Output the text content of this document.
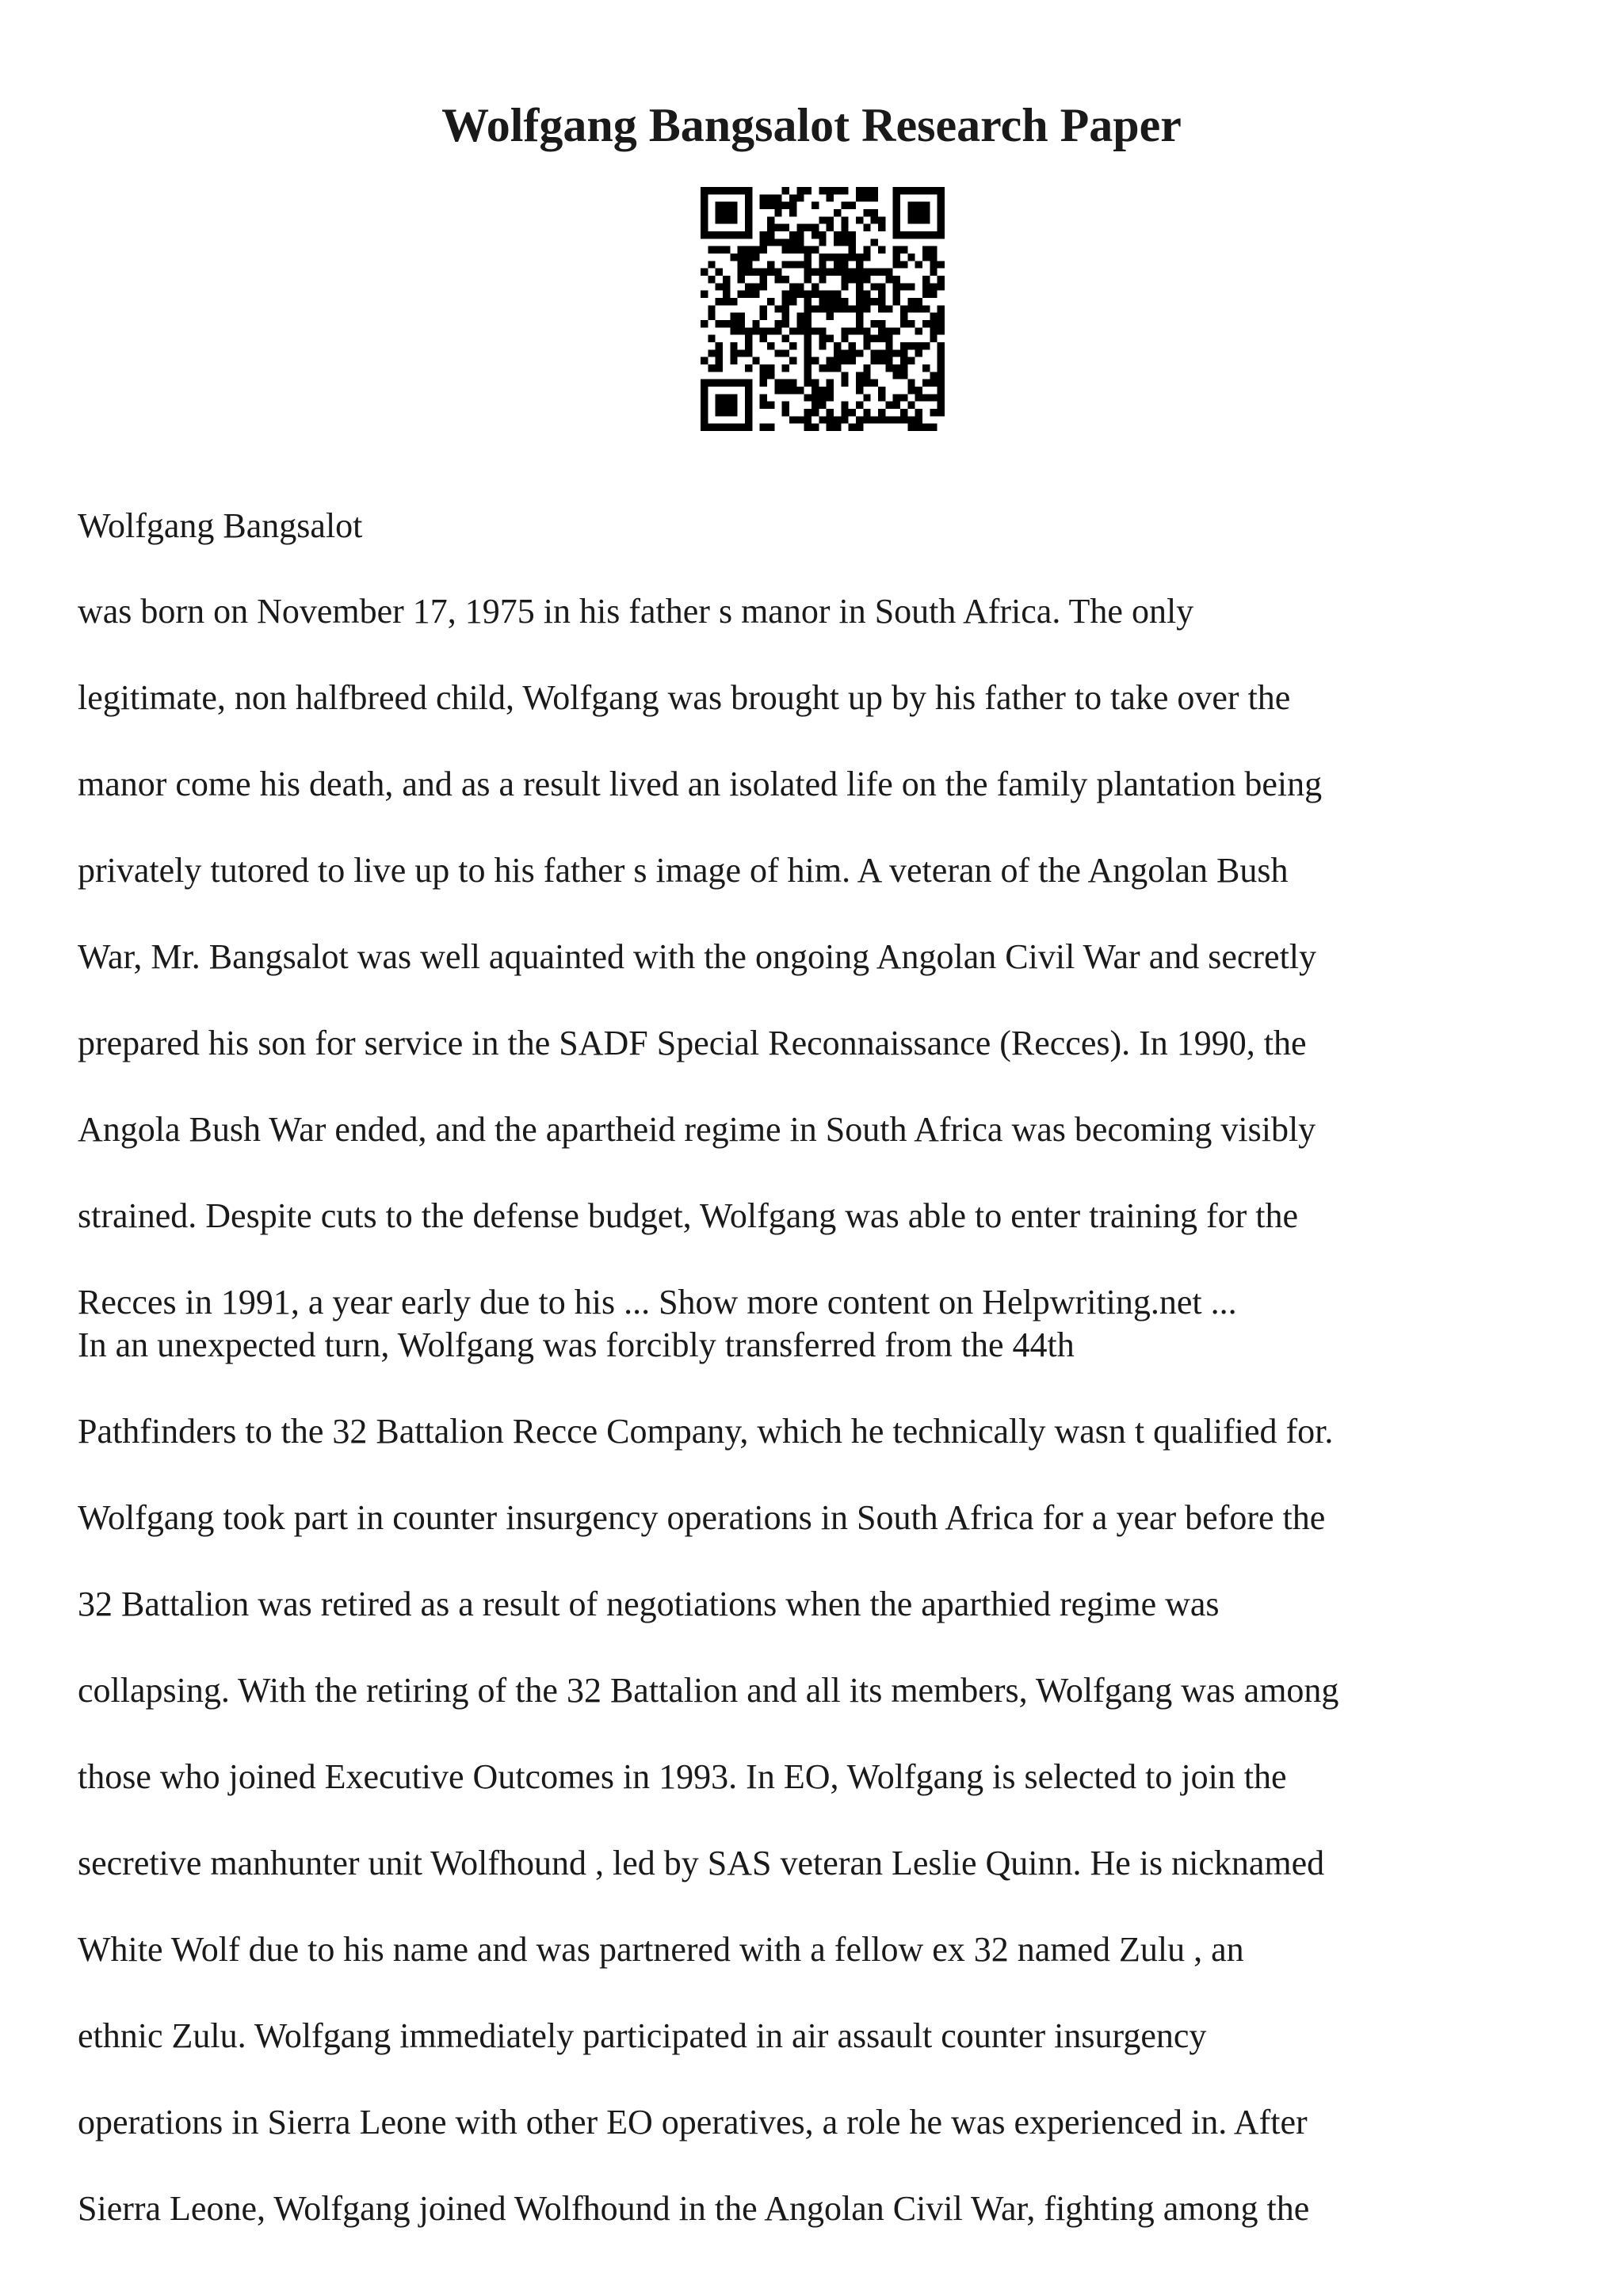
Wolfgang Bangsalot Research Paper
Wolfgang Bangsalot
was born on November 17, 1975 in his father s manor in South Africa. The only
legitimate, non halfbreed child, Wolfgang was brought up by his father to take over the
manor come his death, and as a result lived an isolated life on the family plantation being
privately tutored to live up to his father s image of him. A veteran of the Angolan Bush
War, Mr. Bangsalot was well aquainted with the ongoing Angolan Civil War and secretly
prepared his son for service in the SADF Special Reconnaissance (Recces). In 1990, the
Angola Bush War ended, and the apartheid regime in South Africa was becoming visibly
strained. Despite cuts to the defense budget, Wolfgang was able to enter training for the
Recces in 1991, a year early due to his ... Show more content on Helpwriting.net ...
In an unexpected turn, Wolfgang was forcibly transferred from the 44th
Pathfinders to the 32 Battalion Recce Company, which he technically wasn t qualified for.
Wolfgang took part in counter insurgency operations in South Africa for a year before the
32 Battalion was retired as a result of negotiations when the aparthied regime was
collapsing. With the retiring of the 32 Battalion and all its members, Wolfgang was among
those who joined Executive Outcomes in 1993. In EO, Wolfgang is selected to join the
secretive manhunter unit Wolfhound , led by SAS veteran Leslie Quinn. He is nicknamed
White Wolf due to his name and was partnered with a fellow ex 32 named Zulu , an
ethnic Zulu. Wolfgang immediately participated in air assault counter insurgency
operations in Sierra Leone with other EO operatives, a role he was experienced in. After
Sierra Leone, Wolfgang joined Wolfhound in the Angolan Civil War, fighting among the
